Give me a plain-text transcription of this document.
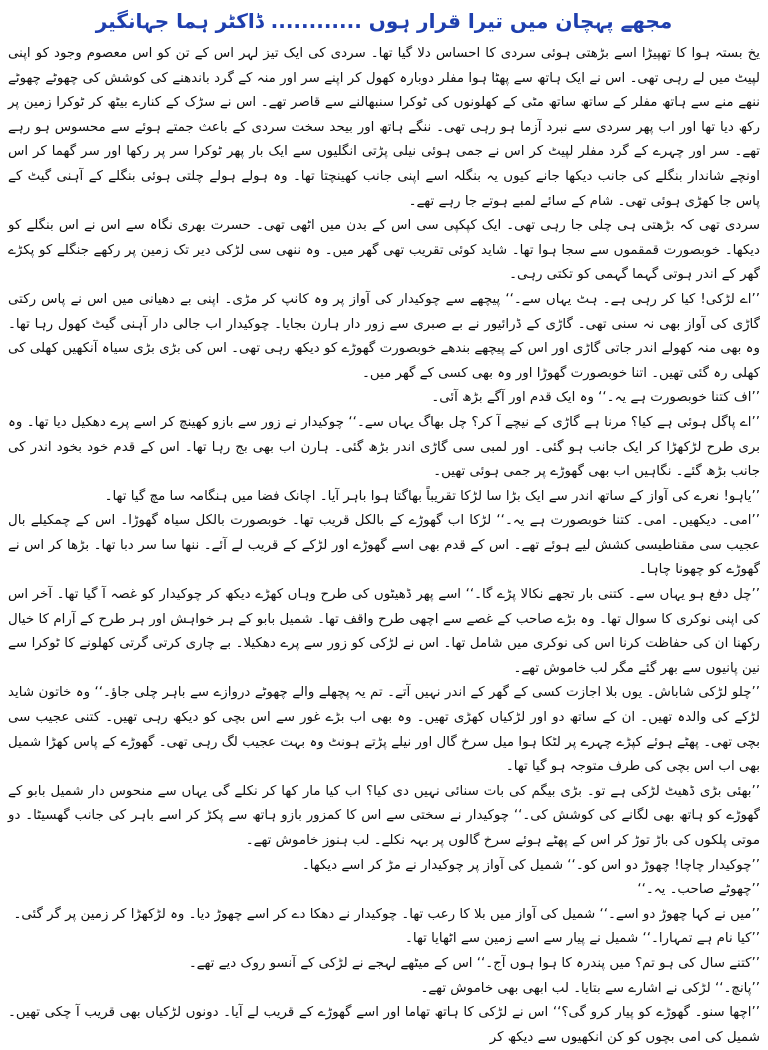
مجھے پہچان میں تیرا قرار ہوں ............ ڈاکٹر ہما جہانگیر

یخ بستہ ہوا کا تھپیڑا اسے بڑھتی ہوئی سردی کا احساس دلا گیا تھا۔ سردی کی ایک تیز لہر اس کے تن کو اس معصوم وجود کو اپنی لپیٹ میں لے رہی تھی۔ اس نے ایک ہاتھ سے پھٹا ہوا مفلر دوبارہ کھول کر اپنے سر اور منہ کے گرد باندھنے کی کوشش کی چھوٹے چھوٹے ننھے منے سے ہاتھ مفلر کے ساتھ ساتھ مٹی کے کھلونوں کی ٹوکرا سنبھالنے سے قاصر تھے۔ اس نے سڑک کے کنارے بیٹھ کر ٹوکرا زمین پر رکھ دیا تھا اور اب پھر سردی سے نبرد آزما ہو رہی تھی۔ ننگے ہاتھ اور بیحد سخت سردی کے باعث جمتے ہوئے سے محسوس ہو رہے تھے۔ سر اور چہرے کے گرد مفلر لپیٹ کر اس نے جمی ہوئی نیلی پڑتی انگلیوں سے ایک بار پھر ٹوکرا سر پر رکھا اور سر گھما کر اس اونچے شاندار بنگلے کی جانب دیکھا جانے کیوں یہ بنگلہ اسے اپنی جانب کھینچتا تھا۔ وہ ہولے ہولے چلتی ہوئی بنگلے کے آہنی گیٹ کے پاس جا کھڑی ہوئی تھی۔ شام کے سائے لمبے ہوتے جا رہے تھے۔

سردی تھی کہ بڑھتی ہی چلی جا رہی تھی۔ ایک کپکپی سی اس کے بدن میں اٹھی تھی۔ حسرت بھری نگاہ سے اس نے اس بنگلے کو دیکھا۔ خوبصورت قمقموں سے سجا ہوا تھا۔ شاید کوئی تقریب تھی گھر میں۔ وہ ننھی سی لڑکی دیر تک زمین پر رکھے جنگلے کو پکڑے گھر کے اندر ہوتی گہما گہمی کو تکتی رہی۔

’’اے لڑکی! کیا کر رہی ہے۔ ہٹ یہاں سے۔‘‘ پیچھے سے چوکیدار کی آواز پر وہ کانپ کر مڑی۔ اپنی بے دھیانی میں اس نے پاس رکتی گاڑی کی آواز بھی نہ سنی تھی۔ گاڑی کے ڈرائیور نے بے صبری سے زور دار ہارن بجایا۔ چوکیدار اب جالی دار آہنی گیٹ کھول رہا تھا۔ وہ بھی منہ کھولے اندر جاتی گاڑی اور اس کے پیچھے بندھے خوبصورت گھوڑے کو دیکھ رہی تھی۔ اس کی بڑی بڑی سیاہ آنکھیں کھلی کی کھلی رہ گئی تھیں۔ اتنا خوبصورت گھوڑا اور وہ بھی کسی کے گھر میں۔

’’اف کتنا خوبصورت ہے یہ۔‘‘ وہ ایک قدم اور آگے بڑھ آئی۔

’’اے پاگل ہوئی ہے کیا؟ مرنا ہے گاڑی کے نیچے آ کر؟ چل بھاگ یہاں سے۔‘‘ چوکیدار نے زور سے بازو کھینچ کر اسے پرے دھکیل دیا تھا۔ وہ بری طرح لڑکھڑا کر ایک جانب ہو گئی۔ اور لمبی سی گاڑی اندر بڑھ گئی۔ ہارن اب بھی بج رہا تھا۔ اس کے قدم خود بخود اندر کی جانب بڑھ گئے۔ نگاہیں اب بھی گھوڑے پر جمی ہوئی تھیں۔

’’یاہو! نعرے کی آواز کے ساتھ اندر سے ایک بڑا سا لڑکا تقریباً بھاگتا ہوا باہر آیا۔ اچانک فضا میں ہنگامہ سا مچ گیا تھا۔

’’امی۔ دیکھیں۔ امی۔ کتنا خوبصورت ہے یہ۔‘‘ لڑکا اب گھوڑے کے بالکل قریب تھا۔ خوبصورت بالکل سیاہ گھوڑا۔ اس کے چمکیلے بال عجیب سی مقناطیسی کشش لیے ہوئے تھے۔ اس کے قدم بھی اسے گھوڑے اور لڑکے کے قریب لے آئے۔ ننھا سا سر دبا تھا۔ بڑھا کر اس نے گھوڑے کو چھونا چاہا۔

’’چل دفع ہو یہاں سے۔ کتنی بار تجھے نکالا پڑے گا۔‘‘ اسے پھر ڈھیٹوں کی طرح وہاں کھڑے دیکھ کر چوکیدار کو غصہ آ گیا تھا۔ آخر اس کی اپنی نوکری کا سوال تھا۔ وہ بڑے صاحب کے غصے سے اچھی طرح واقف تھا۔ شمیل بابو کے ہر خواہش اور ہر طرح کے آرام کا خیال رکھنا ان کی حفاظت کرنا اس کی نوکری میں شامل تھا۔ اس نے لڑکی کو زور سے پرے دھکیلا۔ بے چاری کرتی گرتی کھلونے کا ٹوکرا سے نین پانیوں سے بھر گئے مگر لب خاموش تھے۔

’’چلو لڑکی شاباش۔ یوں بلا اجازت کسی کے گھر کے اندر نہیں آتے۔ تم یہ پچھلے والے چھوٹے دروازے سے باہر چلی جاؤ۔‘‘ وہ خاتون شاید لڑکے کی والدہ تھیں۔ ان کے ساتھ دو اور لڑکیاں کھڑی تھیں۔ وہ بھی اب بڑے غور سے اس بچی کو دیکھ رہی تھیں۔ کتنی عجیب سی بچی تھی۔ پھٹے ہوئے کپڑے چہرے پر لٹکا ہوا میل سرخ گال اور نیلے پڑتے ہونٹ وہ بہت عجیب لگ رہی تھی۔ گھوڑے کے پاس کھڑا شمیل بھی اب اس بچی کی طرف متوجہ ہو گیا تھا۔

’’بھئی بڑی ڈھیٹ لڑکی ہے تو۔ بڑی بیگم کی بات سنائی نہیں دی کیا؟ اب کیا مار کھا کر نکلے گی یہاں سے منحوس دار شمیل بابو کے گھوڑے کو ہاتھ بھی لگانے کی کوشش کی۔‘‘ چوکیدار نے سختی سے اس کا کمزور بازو ہاتھ سے پکڑ کر اسے باہر کی جانب گھسیٹا۔ دو موتی پلکوں کی باڑ توڑ کر اس کے پھٹے ہوئے سرخ گالوں پر بہہ نکلے۔ لب ہنوز خاموش تھے۔

’’چوکیدار چاچا! چھوڑ دو اس کو۔‘‘ شمیل کی آواز پر چوکیدار نے مڑ کر اسے دیکھا۔

’’چھوٹے صاحب۔ یہ۔‘‘

’’میں نے کہا چھوڑ دو اسے۔‘‘ شمیل کی آواز میں بلا کا رعب تھا۔ چوکیدار نے دھکا دے کر اسے چھوڑ دیا۔ وہ لڑکھڑا کر زمین پر گر گئی۔

’’کیا نام ہے تمہارا۔‘‘ شمیل نے پیار سے اسے زمین سے اٹھایا تھا۔

’’کتنے سال کی ہو تم؟ میں پندرہ کا ہوا ہوں آج۔‘‘ اس کے میٹھے لہجے نے لڑکی کے آنسو روک دیے تھے۔

’’پانچ۔‘‘ لڑکی نے اشارے سے بتایا۔ لب ابھی بھی خاموش تھے۔

’’اچھا سنو۔ گھوڑے کو پیار کرو گی؟‘‘ اس نے لڑکی کا ہاتھ تھاما اور اسے گھوڑے کے قریب لے آیا۔ دونوں لڑکیاں بھی قریب آ چکی تھیں۔ شمیل کی امی بچوں کو کن انکھیوں سے دیکھ کر
